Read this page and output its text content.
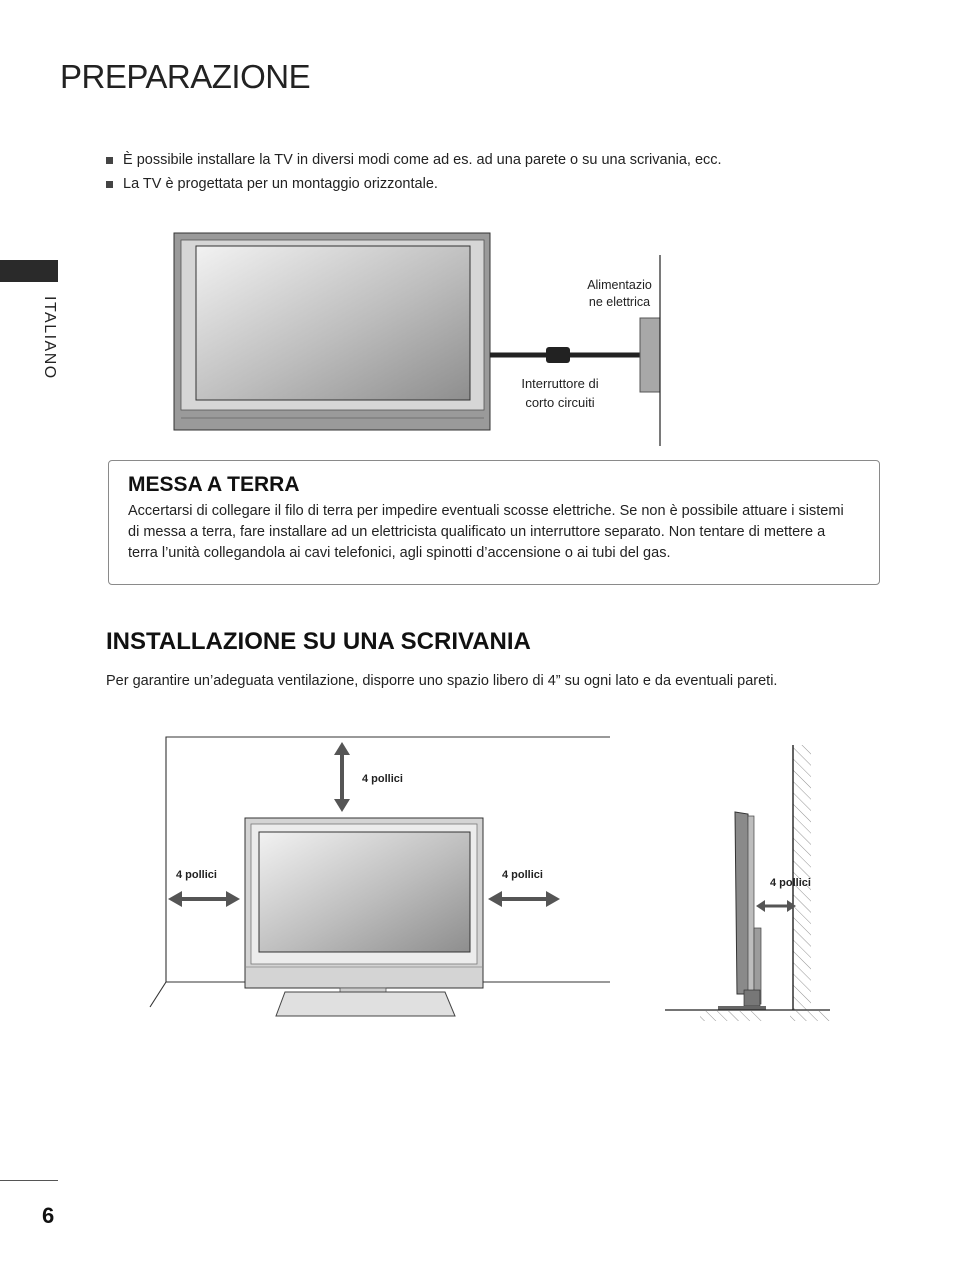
PREPARAZIONE
È possibile installare la TV in diversi modi come ad es. ad una parete o su una scrivania, ecc.
La TV è progettata per un montaggio orizzontale.
ITALIANO
Alimentazio
ne elettrica
Interruttore di
corto circuiti
MESSA A TERRA
Accertarsi di collegare il filo di terra per impedire eventuali scosse elettriche. Se non è possibile attuare i sistemi di messa a terra, fare installare ad un elettricista qualificato un interruttore separato. Non tentare di mettere a terra l’unità collegandola ai cavi telefonici, agli spinotti d’accensione o ai tubi del gas.
INSTALLAZIONE SU UNA SCRIVANIA
Per garantire un’adeguata ventilazione, disporre uno spazio libero di 4” su ogni lato e da eventuali pareti.
4 pollici
4 pollici	4 pollici
4 pollici
6
